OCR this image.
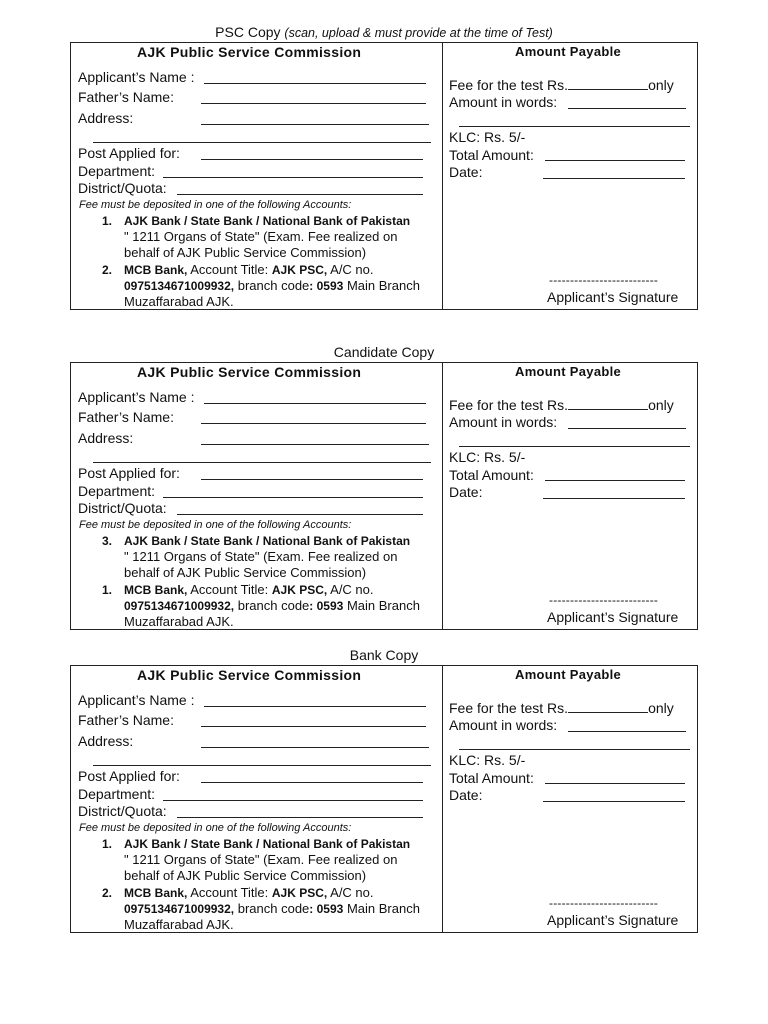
PSC Copy (scan, upload & must provide at the time of Test)
AJK Public Service Commission
Applicant’s Name :
Father’s Name:
Address:
Post Applied for:
Department:
District/Quota:
Fee must be deposited in one of the following Accounts:
1. AJK Bank / State Bank / National Bank of Pakistan
" 1211 Organs of State" (Exam. Fee realized on
behalf of AJK Public Service Commission)
2. MCB Bank, Account Title: AJK PSC, A/C no.
0975134671009932, branch code: 0593 Main Branch
Muzaffarabad AJK.
Amount Payable
Fee for the test Rs.	only
Amount in words:
KLC: Rs. 5/-
Total Amount:
Date:
--------------------------
Applicant’s Signature
Candidate Copy
AJK Public Service Commission
Applicant’s Name :
Father’s Name:
Address:
Post Applied for:
Department:
District/Quota:
Fee must be deposited in one of the following Accounts:
3. AJK Bank / State Bank / National Bank of Pakistan
" 1211 Organs of State" (Exam. Fee realized on
behalf of AJK Public Service Commission)
1. MCB Bank, Account Title: AJK PSC, A/C no.
0975134671009932, branch code: 0593 Main Branch
Muzaffarabad AJK.
Amount Payable
Fee for the test Rs.	only
Amount in words:
KLC: Rs. 5/-
Total Amount:
Date:
--------------------------
Applicant’s Signature
Bank Copy
AJK Public Service Commission
Applicant’s Name :
Father’s Name:
Address:
Post Applied for:
Department:
District/Quota:
Fee must be deposited in one of the following Accounts:
1. AJK Bank / State Bank / National Bank of Pakistan
" 1211 Organs of State" (Exam. Fee realized on
behalf of AJK Public Service Commission)
2. MCB Bank, Account Title: AJK PSC, A/C no.
0975134671009932, branch code: 0593 Main Branch
Muzaffarabad AJK.
Amount Payable
Fee for the test Rs.	only
Amount in words:
KLC: Rs. 5/-
Total Amount:
Date:
--------------------------
Applicant’s Signature
